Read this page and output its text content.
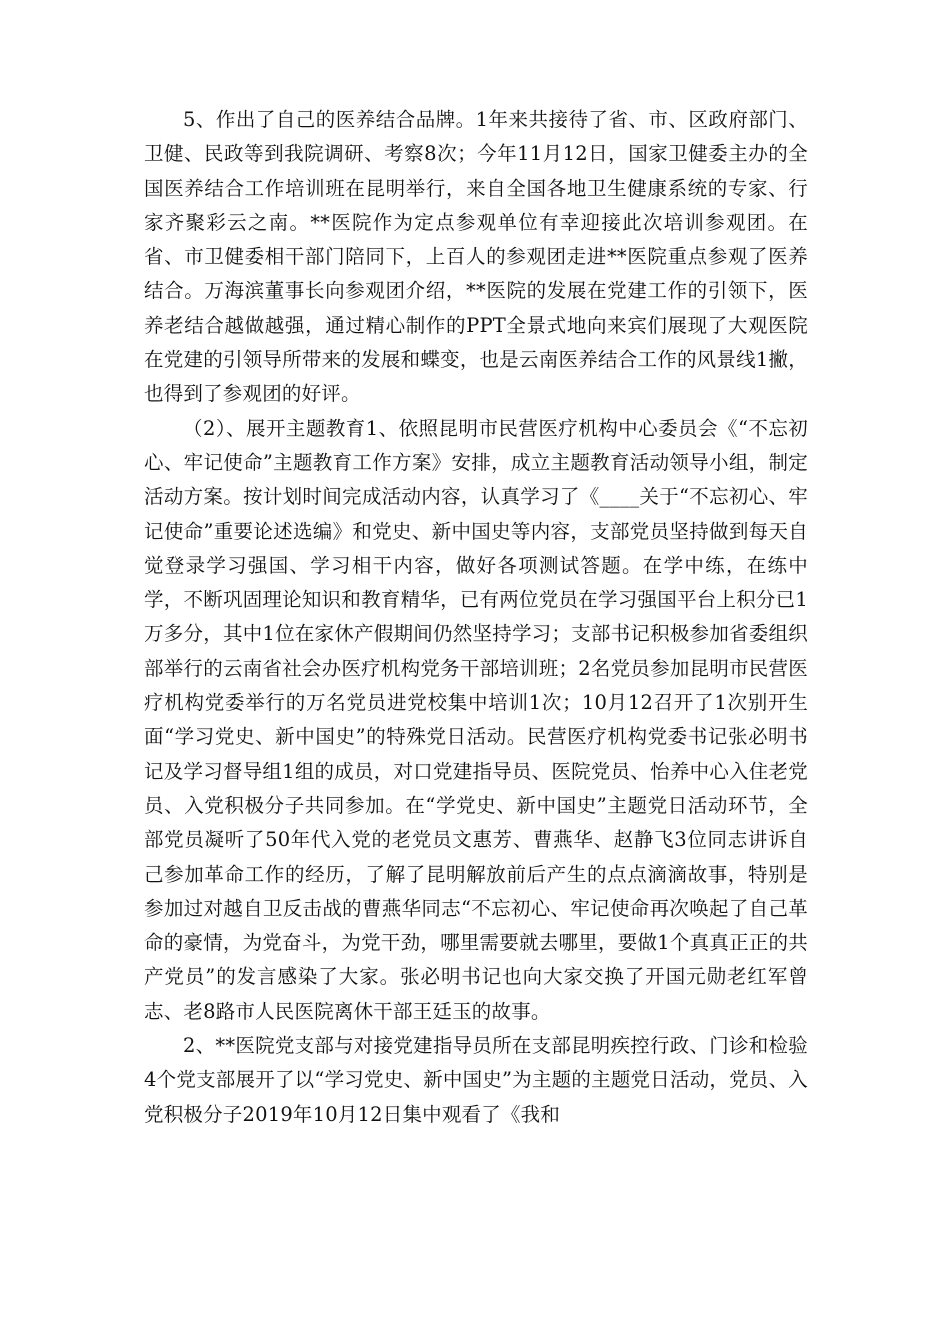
5、作出了自己的医养结合品牌。1年来共接待了省、市、区政府部门、卫健、民政等到我院调研、考察8次；今年11月12日，国家卫健委主办的全国医养结合工作培训班在昆明举行，来自全国各地卫生健康系统的专家、行家齐聚彩云之南。**医院作为定点参观单位有幸迎接此次培训参观团。在省、市卫健委相干部门陪同下，上百人的参观团走进**医院重点参观了医养结合。万海滨董事长向参观团介绍，**医院的发展在党建工作的引领下，医养老结合越做越强，通过精心制作的PPT全景式地向来宾们展现了大观医院在党建的引领导所带来的发展和蝶变，也是云南医养结合工作的风景线1撇，也得到了参观团的好评。

（2）、展开主题教育1、依照昆明市民营医疗机构中心委员会《“不忘初心、牢记使命”主题教育工作方案》安排，成立主题教育活动领导小组，制定活动方案。按计划时间完成活动内容，认真学习了《____关于“不忘初心、牢记使命”重要论述选编》和党史、新中国史等内容，支部党员坚持做到每天自觉登录学习强国、学习相干内容，做好各项测试答题。在学中练，在练中学，不断巩固理论知识和教育精华，已有两位党员在学习强国平台上积分已1万多分，其中1位在家休产假期间仍然坚持学习；支部书记积极参加省委组织部举行的云南省社会办医疗机构党务干部培训班；2名党员参加昆明市民营医疗机构党委举行的万名党员进党校集中培训1次；10月12召开了1次别开生面“学习党史、新中国史”的特殊党日活动。民营医疗机构党委书记张必明书记及学习督导组1组的成员，对口党建指导员、医院党员、怡养中心入住老党员、入党积极分子共同参加。在“学党史、新中国史”主题党日活动环节，全部党员凝听了50年代入党的老党员文惠芳、曹燕华、赵静飞3位同志讲诉自己参加革命工作的经历，了解了昆明解放前后产生的点点滴滴故事，特别是参加过对越自卫反击战的曹燕华同志“不忘初心、牢记使命再次唤起了自己革命的豪情，为党奋斗，为党干劲，哪里需要就去哪里，要做1个真真正正的共产党员”的发言感染了大家。张必明书记也向大家交换了开国元勋老红军曾志、老8路市人民医院离休干部王廷玉的故事。

2、**医院党支部与对接党建指导员所在支部昆明疾控行政、门诊和检验4个党支部展开了以“学习党史、新中国史”为主题的主题党日活动，党员、入党积极分子2019年10月12日集中观看了《我和
